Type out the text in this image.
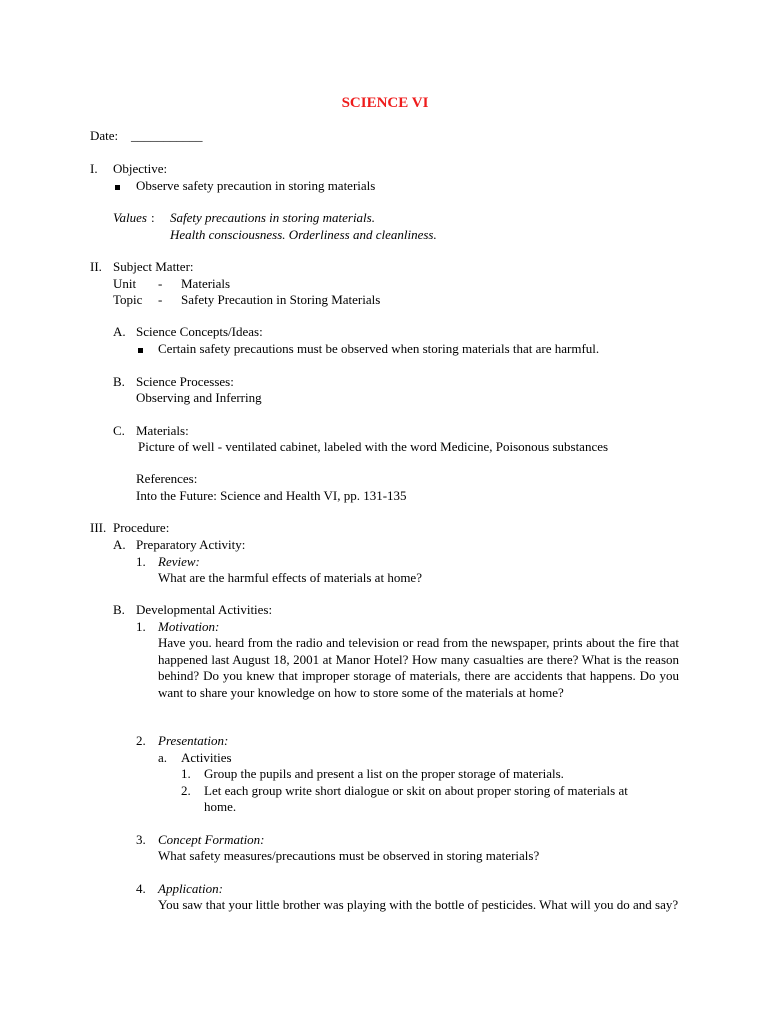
SCIENCE VI
Date: ___________
I. Objective:
Observe safety precaution in storing materials
Values : Safety precautions in storing materials.
Health consciousness. Orderliness and cleanliness.
II. Subject Matter:
Unit - Materials
Topic - Safety Precaution in Storing Materials
A. Science Concepts/Ideas:
Certain safety precautions must be observed when storing materials that are harmful.
B. Science Processes:
Observing and Inferring
C. Materials:
Picture of well - ventilated cabinet, labeled with the word Medicine, Poisonous substances
References:
Into the Future: Science and Health VI, pp. 131-135
III. Procedure:
A. Preparatory Activity:
1. Review:
What are the harmful effects of materials at home?
B. Developmental Activities:
1. Motivation:
Have you. heard from the radio and television or read from the newspaper, prints about the fire that happened last August 18, 2001 at Manor Hotel? How many casualties are there? What is the reason behind? Do you knew that improper storage of materials, there are accidents that happens. Do you want to share your knowledge on how to store some of the materials at home?
2. Presentation:
a. Activities
1. Group the pupils and present a list on the proper storage of materials.
2. Let each group write short dialogue or skit on about proper storing of materials at
home.
3. Concept Formation:
What safety measures/precautions must be observed in storing materials?
4. Application:
You saw that your little brother was playing with the bottle of pesticides. What will you do and say?
